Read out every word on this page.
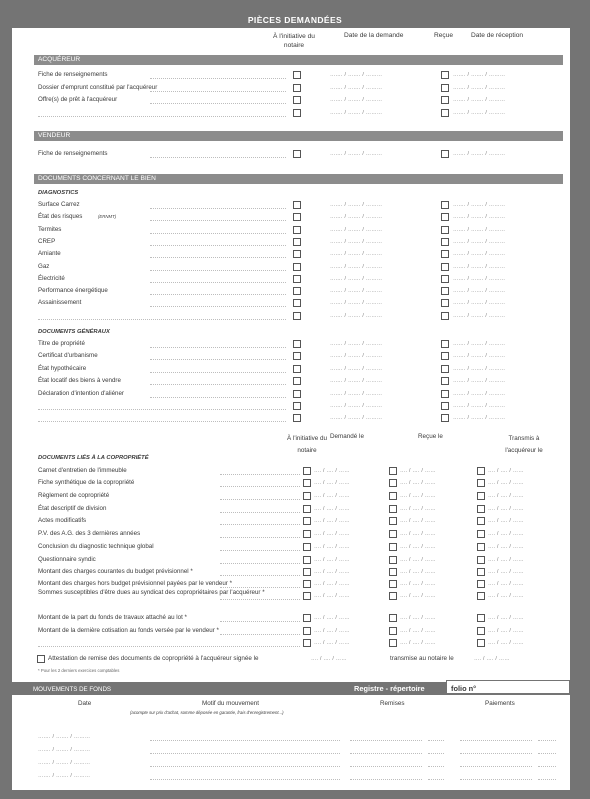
PIÈCES DEMANDÉES
À l'initiative du notaire
Date de la demande	Reçue	Date de réception
ACQUÉREUR
Fiche de renseignements	……. / ……. / ………	……. / ……. / ………
Dossier d'emprunt constitué par l'acquéreur	……. / ……. / ………	……. / ……. / ………
Offre(s) de prêt à l'acquéreur	……. / ……. / ………	……. / ……. / ………
……. / ……. / ………	……. / ……. / ………
VENDEUR
Fiche de renseignements	……. / ……. / ………	……. / ……. / ………
DOCUMENTS CONCERNANT LE BIEN
DIAGNOSTICS
Surface Carrez	……. / ……. / ………	……. / ……. / ………
État des risques	(ERNMT)	……. / ……. / ………	……. / ……. / ………
Termites	……. / ……. / ………	……. / ……. / ………
CREP	……. / ……. / ………	……. / ……. / ………
Amiante	……. / ……. / ………	……. / ……. / ………
Gaz	……. / ……. / ………	……. / ……. / ………
Électricité	……. / ……. / ………	……. / ……. / ………
Performance énergétique	……. / ……. / ………	……. / ……. / ………
Assainissement	……. / ……. / ………	……. / ……. / ………
……. / ……. / ………	……. / ……. / ………
DOCUMENTS GÉNÉRAUX
Titre de propriété	……. / ……. / ………	……. / ……. / ………
Certificat d'urbanisme	……. / ……. / ………	……. / ……. / ………
État hypothécaire	……. / ……. / ………	……. / ……. / ………
État locatif des biens à vendre	……. / ……. / ………	……. / ……. / ………
Déclaration d'intention d'aliéner	……. / ……. / ………	……. / ……. / ………
……. / ……. / ………	……. / ……. / ………
……. / ……. / ………	……. / ……. / ………
À l'initiative du notaire
Demandé le	Reçue le	Transmis à l'acquéreur le
DOCUMENTS LIÉS À LA COPROPRIÉTÉ
Carnet d'entretien de l'immeuble	…. / …. / ……	…. / …. / ……	…. / …. / ……
Fiche synthétique de la copropriété	…. / …. / ……	…. / …. / ……	…. / …. / ……
Règlement de copropriété	…. / …. / ……	…. / …. / ……	…. / …. / ……
État descriptif de division	…. / …. / ……	…. / …. / ……	…. / …. / ……
Actes modificatifs	…. / …. / ……	…. / …. / ……	…. / …. / ……
P.V. des A.G. des 3 dernières années	…. / …. / ……	…. / …. / ……	…. / …. / ……
Conclusion du diagnostic technique global	…. / …. / ……	…. / …. / ……	…. / …. / ……
Questionnaire syndic	…. / …. / ……	…. / …. / ……	…. / …. / ……
Montant des charges courantes du budget prévisionnel *	…. / …. / ……	…. / …. / ……	…. / …. / ……
Montant des charges hors budget prévisionnel payées par le vendeur *	…. / …. / ……	…. / …. / ……	…. / …. / ……
Sommes susceptibles d'être dues au syndicat des copropriétaires par l'acquéreur *	…. / …. / ……	…. / …. / ……	…. / …. / ……
Montant de la part du fonds de travaux attaché au lot *	…. / …. / ……	…. / …. / ……	…. / …. / ……
Montant de la dernière cotisation au fonds versée par le vendeur *	…. / …. / ……	…. / …. / ……	…. / …. / ……
…. / …. / ……	…. / …. / ……	…. / …. / ……
Attestation de remise des documents de copropriété à l'acquéreur signée le	…. / …. / ……	transmise au notaire le	…. / …. / ……
* Pour les 2 derniers exercices comptables
MOUVEMENTS DE FONDS	Registre - répertoire	folio n°
Date	Motif du mouvement
(acompte sur prix d'achat, somme déposée en garantie, frais d'enregistrement...)
Remises	Paiements
……. / ……. / ………
……. / ……. / ………
……. / ……. / ………
……. / ……. / ………
